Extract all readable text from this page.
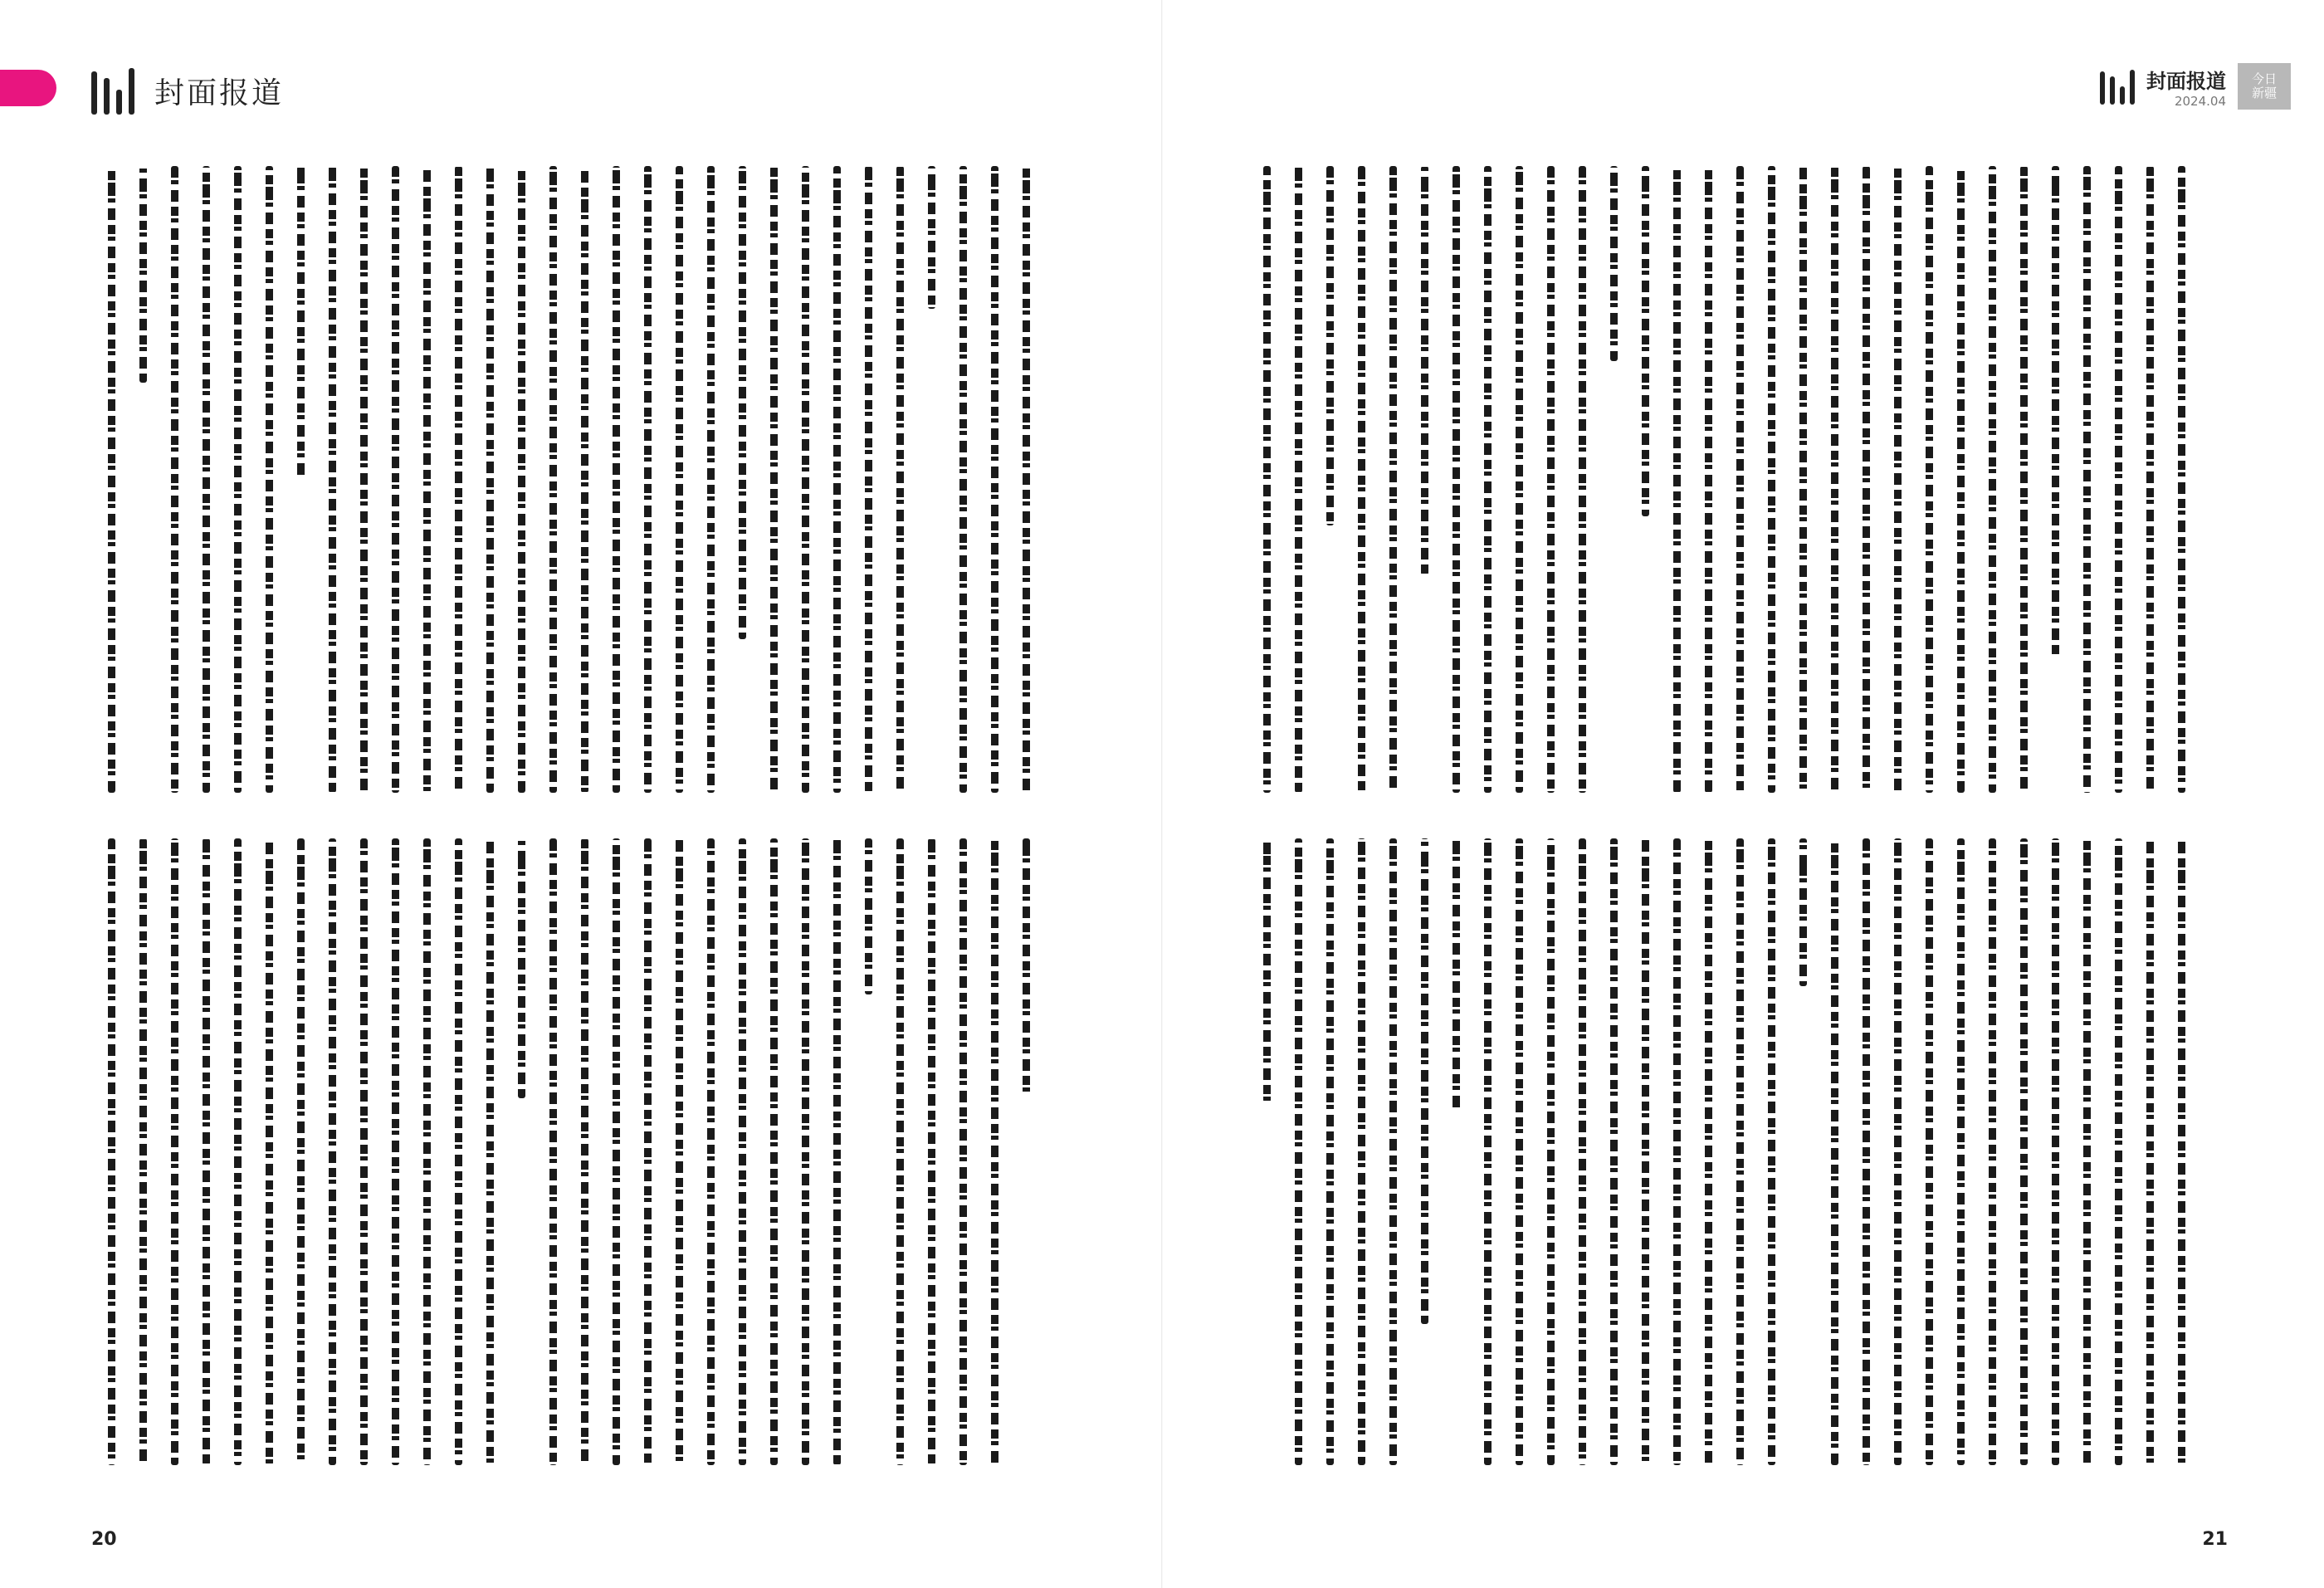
封面报道	封面报道
2024.04
今日
新疆
20	21
